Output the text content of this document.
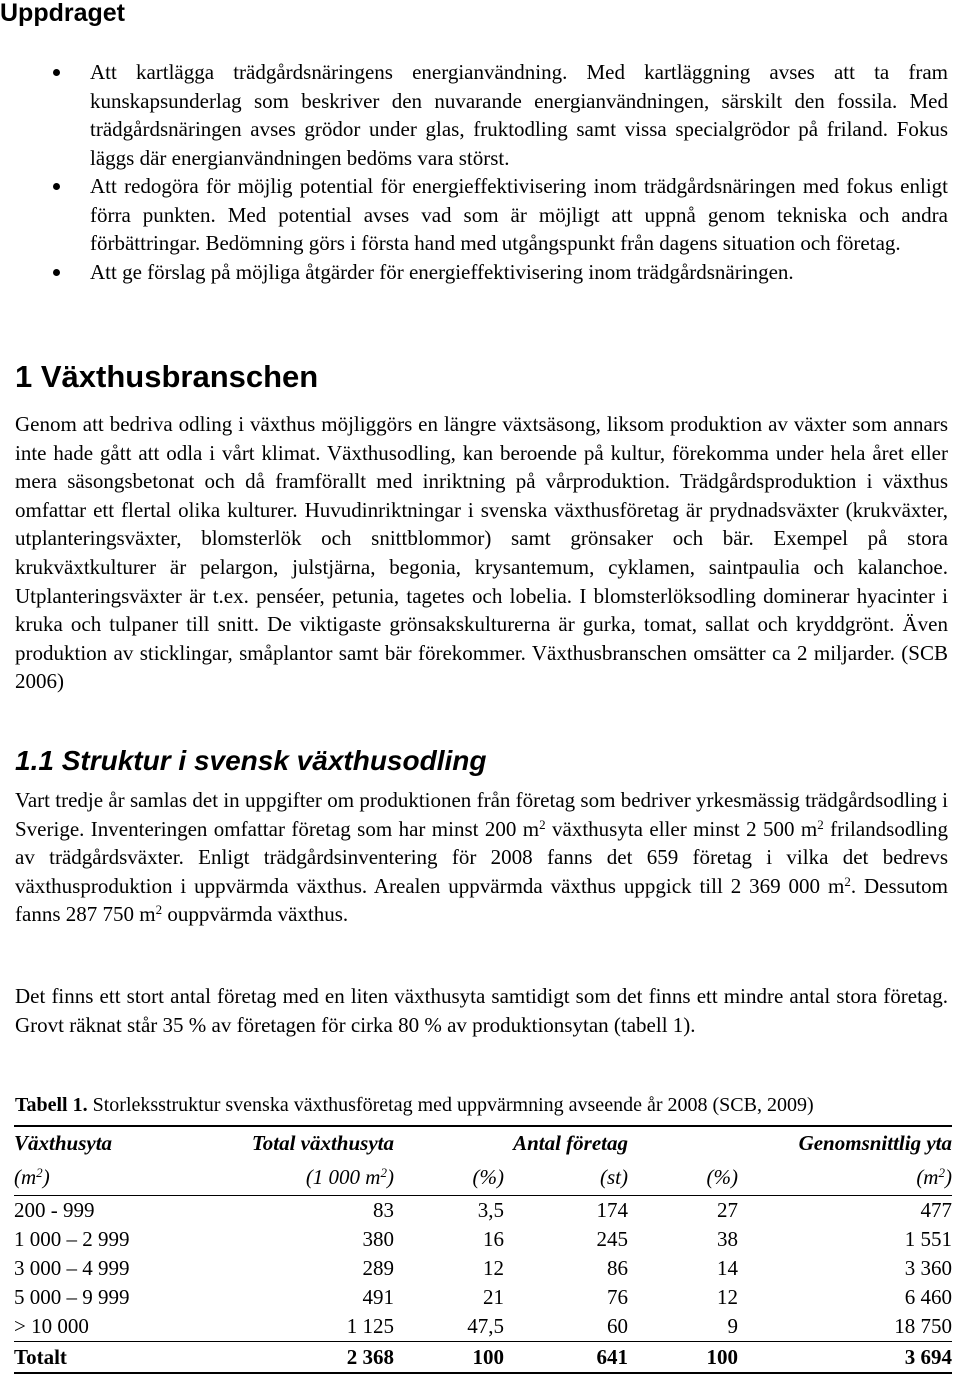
Uppdraget
Att kartlägga trädgårdsnäringens energianvändning. Med kartläggning avses att ta fram kunskapsunderlag som beskriver den nuvarande energianvändningen, särskilt den fossila. Med trädgårdsnäringen avses grödor under glas, fruktodling samt vissa specialgrödor på friland. Fokus läggs där energianvändningen bedöms vara störst.
Att redogöra för möjlig potential för energieffektivisering inom trädgårdsnäringen med fokus enligt förra punkten. Med potential avses vad som är möjligt att uppnå genom tekniska och andra förbättringar. Bedömning görs i första hand med utgångspunkt från dagens situation och företag.
Att ge förslag på möjliga åtgärder för energieffektivisering inom trädgårdsnäringen.
1 Växthusbranschen

Genom att bedriva odling i växthus möjliggörs en längre växtsäsong, liksom produktion av växter som annars inte hade gått att odla i vårt klimat. Växthusodling, kan beroende på kultur, förekomma under hela året eller mera säsongsbetonat och då framförallt med inriktning på vårproduktion. Trädgårdsproduktion i växthus omfattar ett flertal olika kulturer. Huvudinriktningar i svenska växthusföretag är prydnadsväxter (krukväxter, utplanteringsväxter, blomsterlök och snittblommor) samt grönsaker och bär. Exempel på stora krukväxtkulturer är pelargon, julstjärna, begonia, krysantemum, cyklamen, saintpaulia och kalanchoe. Utplanteringsväxter är t.ex. penséer, petunia, tagetes och lobelia. I blomsterlöksodling dominerar hyacinter i kruka och tulpaner till snitt. De viktigaste grönsakskulturerna är gurka, tomat, sallat och kryddgrönt. Även produktion av sticklingar, småplantor samt bär förekommer. Växthusbranschen omsätter ca 2 miljarder. (SCB 2006)

1.1 Struktur i svensk växthusodling

Vart tredje år samlas det in uppgifter om produktionen från företag som bedriver yrkesmässig trädgårdsodling i Sverige. Inventeringen omfattar företag som har minst 200 $m^2$ växthusyta eller minst 2 500 $m^2$ frilandsodling av trädgårdsväxter. Enligt trädgårdsinventering för 2008 fanns det 659 företag i vilka det bedrevs växthusproduktion i uppvärmda växthus. Arealen uppvärmda växthus uppgick till 2 369 000 $m^2$. Dessutom fanns 287 750 $m^2$ ouppvärmda växthus.

Det finns ett stort antal företag med en liten växthusyta samtidigt som det finns ett mindre antal stora företag. Grovt räknat står 35 % av företagen för cirka 80 % av produktionsytan (tabell 1).

Tabell 1. Storleksstruktur svenska växthusföretag med uppvärmning avseende år 2008 (SCB, 2009)

Växthusyta	Total växthusyta		Antal företag		Genomsnittlig yta
$(m^2)$	(1 000 $m^2$)	(%)	(st)	(%)	$(m^2)$
200 - 999	83	3,5	174	27	477
1 000 – 2 999	380	16	245	38	1 551
3 000 – 4 999	289	12	86	14	3 360
5 000 – 9 999	491	21	76	12	6 460
> 10 000	1 125	47,5	60	9	18 750
Totalt	2 368	100	641	100	3 694
